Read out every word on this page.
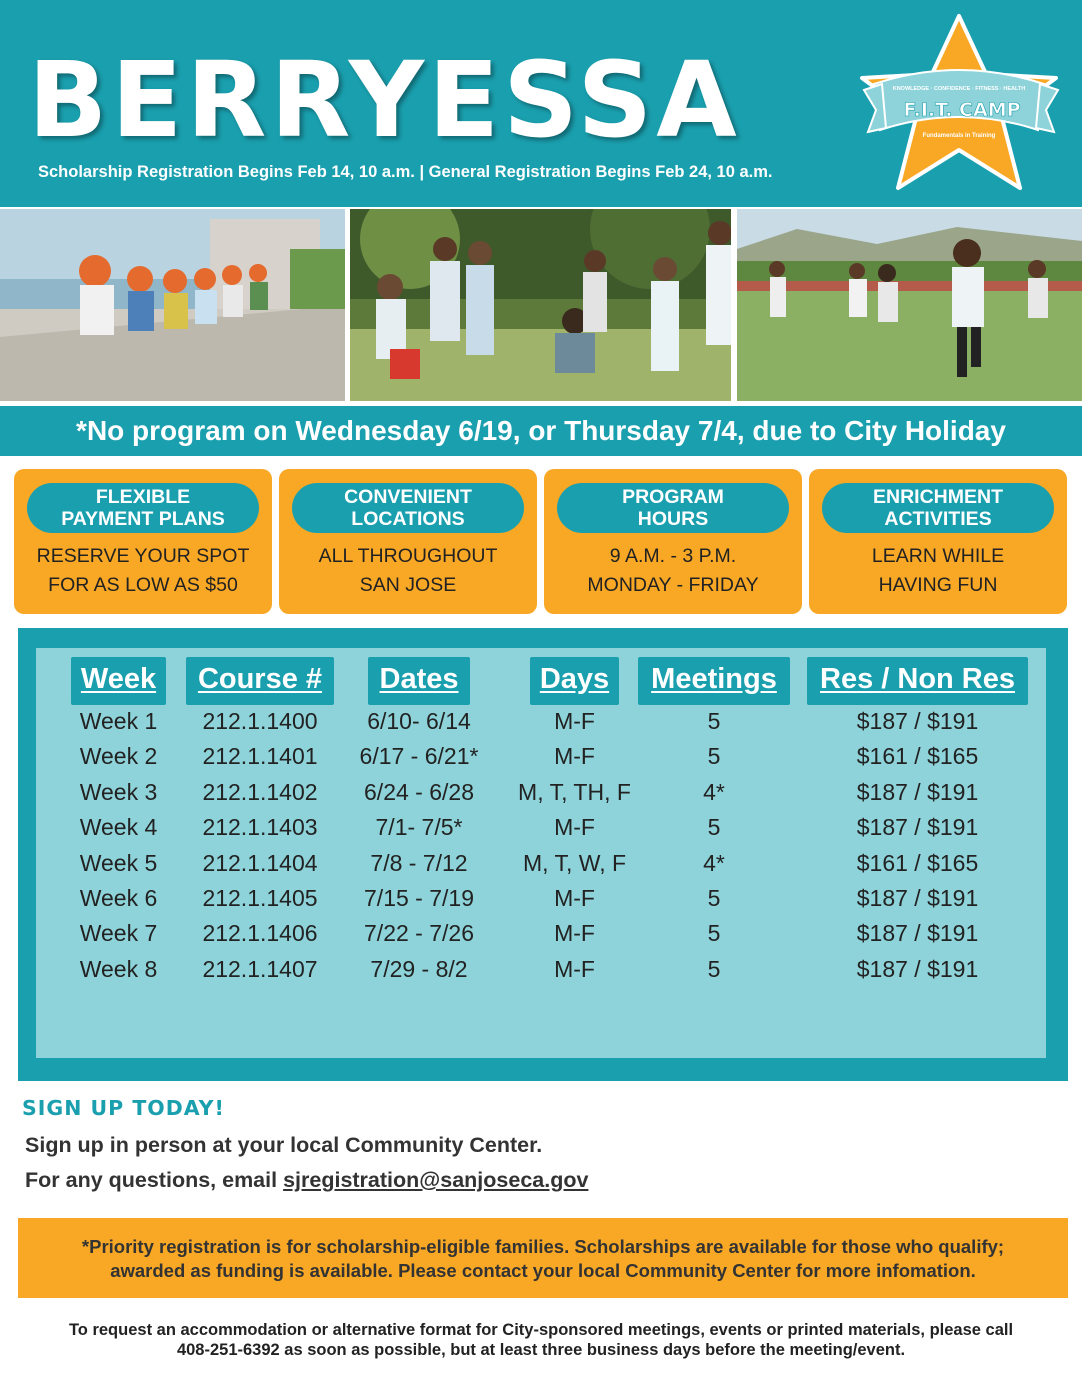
BERRYESSA
Scholarship Registration Begins Feb 14, 10 a.m. | General Registration Begins Feb 24, 10 a.m.
KNOWLEDGE · CONFIDENCE · FITNESS · HEALTH
F.I.T. CAMP
Fundamentals in Training
*No program on Wednesday 6/19, or Thursday 7/4, due to City Holiday
FLEXIBLE
PAYMENT PLANS
RESERVE YOUR SPOT
FOR AS LOW AS $50
CONVENIENT
LOCATIONS
ALL THROUGHOUT
SAN JOSE
PROGRAM
HOURS
9 A.M. - 3 P.M.
MONDAY - FRIDAY
ENRICHMENT
ACTIVITIES
LEARN WHILE
HAVING FUN
Week	Course #	Dates	Days	Meetings	Res / Non Res
Week 1	212.1.1400	6/10- 6/14	M-F	5	$187 / $191
Week 2	212.1.1401	6/17 - 6/21*	M-F	5	$161 / $165
Week 3	212.1.1402	6/24 - 6/28	M, T, TH, F	4*	$187 / $191
Week 4	212.1.1403	7/1- 7/5*	M-F	5	$187 / $191
Week 5	212.1.1404	7/8 - 7/12	M, T, W, F	4*	$161 / $165
Week 6	212.1.1405	7/15 - 7/19	M-F	5	$187 / $191
Week 7	212.1.1406	7/22 - 7/26	M-F	5	$187 / $191
Week 8	212.1.1407	7/29 - 8/2	M-F	5	$187 / $191
SIGN UP TODAY!
Sign up in person at your local Community Center.
For any questions, email sjregistration@sanjoseca.gov
*Priority registration is for scholarship-eligible families. Scholarships are available for those who qualify;
awarded as funding is available. Please contact your local Community Center for more infomation.
To request an accommodation or alternative format for City-sponsored meetings, events or printed materials, please call
408-251-6392 as soon as possible, but at least three business days before the meeting/event.
